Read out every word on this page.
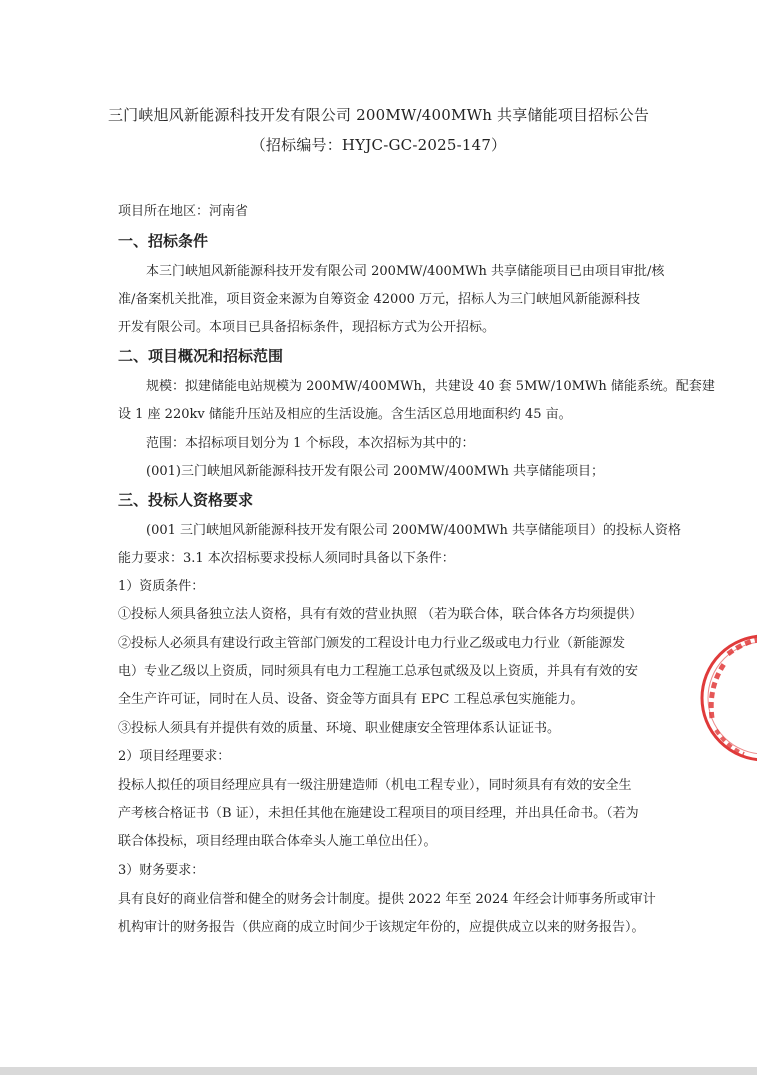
三门峡旭风新能源科技开发有限公司 200MW/400MWh 共享储能项目招标公告
（招标编号：HYJC-GC-2025-147）
项目所在地区：河南省
一、招标条件
本三门峡旭风新能源科技开发有限公司 200MW/400MWh 共享储能项目已由项目审批/核
准/备案机关批准，项目资金来源为自筹资金 42000 万元，招标人为三门峡旭风新能源科技
开发有限公司。本项目已具备招标条件，现招标方式为公开招标。
二、项目概况和招标范围
规模：拟建储能电站规模为 200MW/400MWh，共建设 40 套 5MW/10MWh 储能系统。配套建
设 1 座 220kv 储能升压站及相应的生活设施。含生活区总用地面积约 45 亩。
范围：本招标项目划分为 1 个标段，本次招标为其中的：
(001)三门峡旭风新能源科技开发有限公司 200MW/400MWh 共享储能项目；
三、投标人资格要求
(001 三门峡旭风新能源科技开发有限公司 200MW/400MWh 共享储能项目）的投标人资格
能力要求：3.1 本次招标要求投标人须同时具备以下条件：
1）资质条件：
①投标人须具备独立法人资格，具有有效的营业执照 （若为联合体，联合体各方均须提供）
②投标人必须具有建设行政主管部门颁发的工程设计电力行业乙级或电力行业（新能源发
电）专业乙级以上资质，同时须具有电力工程施工总承包贰级及以上资质，并具有有效的安
全生产许可证，同时在人员、设备、资金等方面具有 EPC 工程总承包实施能力。
③投标人须具有并提供有效的质量、环境、职业健康安全管理体系认证证书。
2）项目经理要求：
投标人拟任的项目经理应具有一级注册建造师（机电工程专业），同时须具有有效的安全生
产考核合格证书（B 证），未担任其他在施建设工程项目的项目经理，并出具任命书。（若为
联合体投标，项目经理由联合体牵头人施工单位出任）。
3）财务要求：
具有良好的商业信誉和健全的财务会计制度。提供 2022 年至 2024 年经会计师事务所或审计
机构审计的财务报告（供应商的成立时间少于该规定年份的，应提供成立以来的财务报告）。
